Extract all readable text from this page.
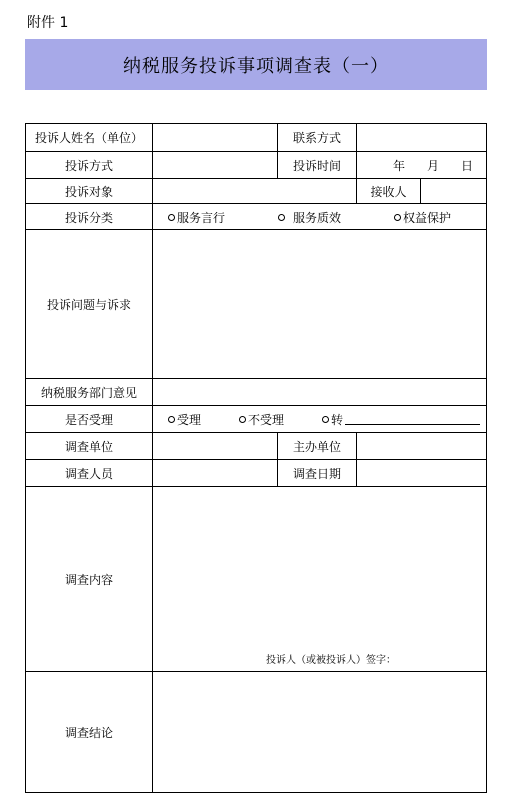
附件 1
纳税服务投诉事项调查表（一）
投诉人姓名（单位）	联系方式
投诉方式	投诉时间	年 月 日
投诉对象	接收人
投诉分类	服务言行	服务质效	权益保护
投诉问题与诉求
纳税服务部门意见
是否受理	受理	不受理	转
调查单位	主办单位
调查人员	调查日期
调查内容
投诉人（或被投诉人）签字：
调查结论
